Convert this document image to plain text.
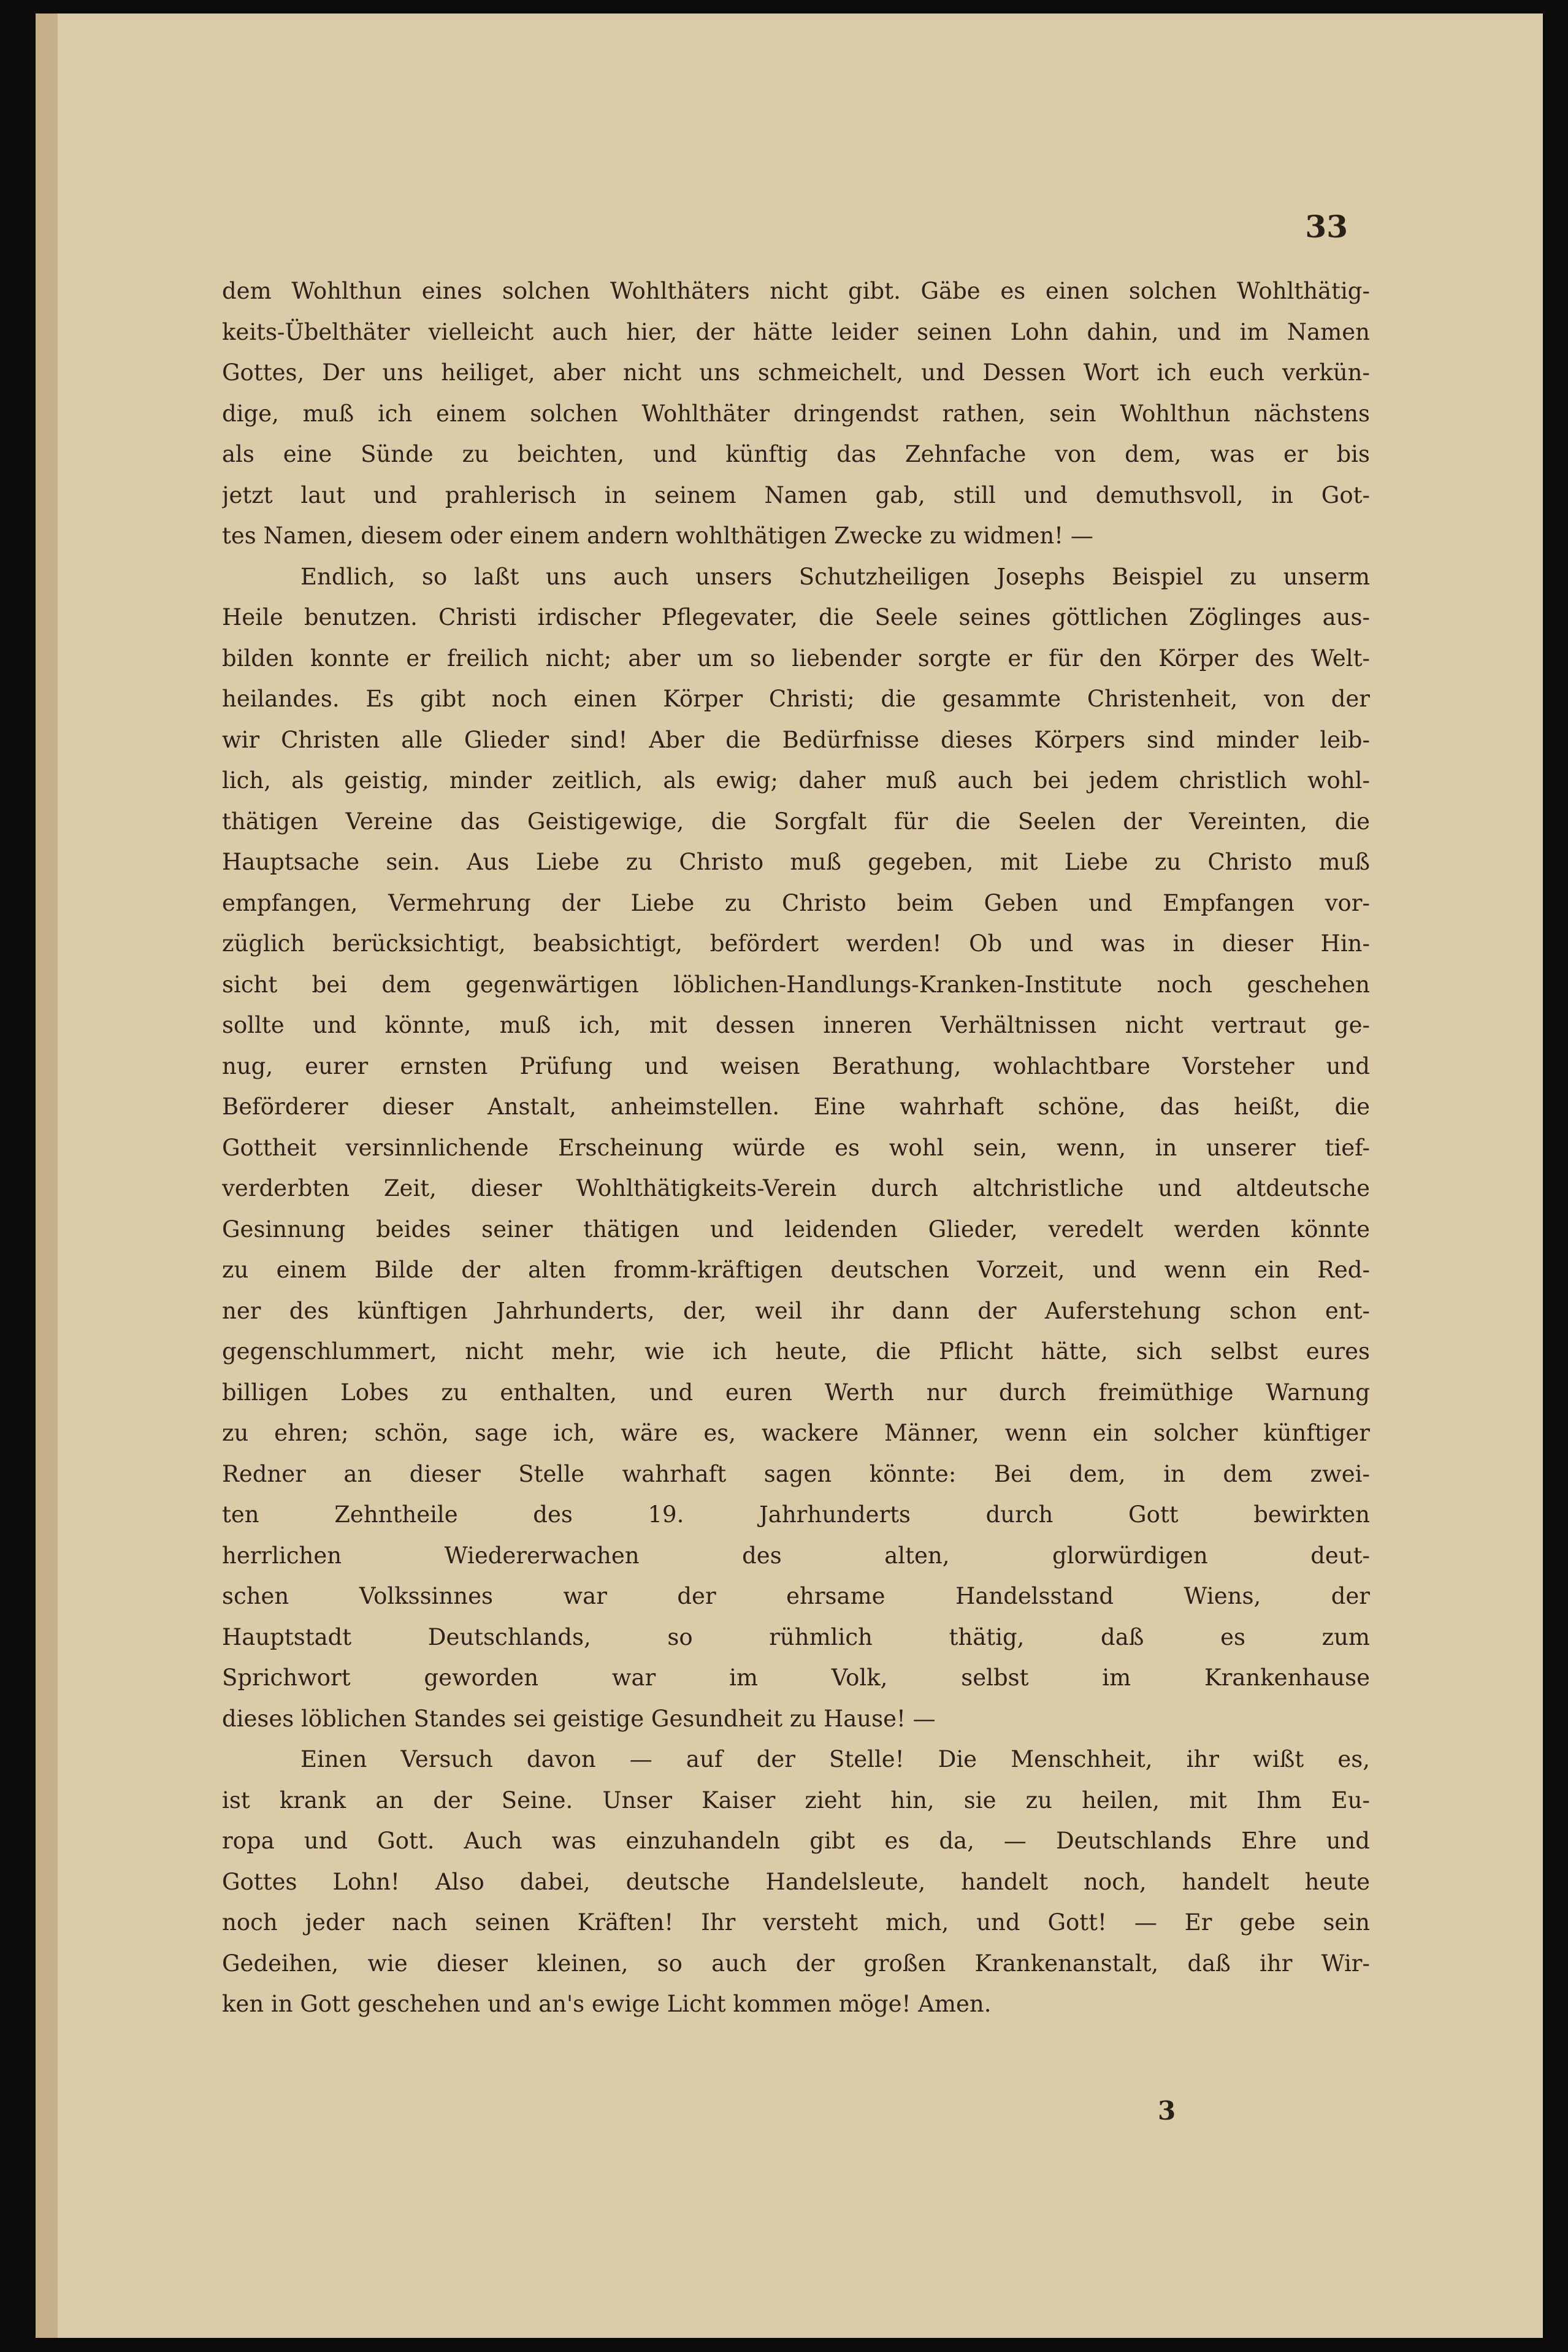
33
dem Wohlthun eines solchen Wohlthäters nicht gibt. Gäbe es einen solchen Wohlthätig-
keits-Übelthäter vielleicht auch hier, der hätte leider seinen Lohn dahin, und im Namen
Gottes, Der uns heiliget, aber nicht uns schmeichelt, und Dessen Wort ich euch verkün-
dige, muß ich einem solchen Wohlthäter dringendst rathen, sein Wohlthun nächstens
als eine Sünde zu beichten, und künftig das Zehnfache von dem, was er bis
jetzt laut und prahlerisch in seinem Namen gab, still und demuthsvoll, in Got-
tes Namen, diesem oder einem andern wohlthätigen Zwecke zu widmen! —
Endlich, so laßt uns auch unsers Schutzheiligen Josephs Beispiel zu unserm
Heile benutzen. Christi irdischer Pflegevater, die Seele seines göttlichen Zöglinges aus-
bilden konnte er freilich nicht; aber um so liebender sorgte er für den Körper des Welt-
heilandes. Es gibt noch einen Körper Christi; die gesammte Christenheit, von der
wir Christen alle Glieder sind! Aber die Bedürfnisse dieses Körpers sind minder leib-
lich, als geistig, minder zeitlich, als ewig; daher muß auch bei jedem christlich wohl-
thätigen Vereine das Geistigewige, die Sorgfalt für die Seelen der Vereinten, die
Hauptsache sein. Aus Liebe zu Christo muß gegeben, mit Liebe zu Christo muß
empfangen, Vermehrung der Liebe zu Christo beim Geben und Empfangen vor-
züglich berücksichtigt, beabsichtigt, befördert werden! Ob und was in dieser Hin-
sicht bei dem gegenwärtigen löblichen-Handlungs-Kranken-Institute noch geschehen
sollte und könnte, muß ich, mit dessen inneren Verhältnissen nicht vertraut ge-
nug, eurer ernsten Prüfung und weisen Berathung, wohlachtbare Vorsteher und
Beförderer dieser Anstalt, anheimstellen. Eine wahrhaft schöne, das heißt, die
Gottheit versinnlichende Erscheinung würde es wohl sein, wenn, in unserer tief-
verderbten Zeit, dieser Wohlthätigkeits-Verein durch altchristliche und altdeutsche
Gesinnung beides seiner thätigen und leidenden Glieder, veredelt werden könnte
zu einem Bilde der alten fromm-kräftigen deutschen Vorzeit, und wenn ein Red-
ner des künftigen Jahrhunderts, der, weil ihr dann der Auferstehung schon ent-
gegenschlummert, nicht mehr, wie ich heute, die Pflicht hätte, sich selbst eures
billigen Lobes zu enthalten, und euren Werth nur durch freimüthige Warnung
zu ehren; schön, sage ich, wäre es, wackere Männer, wenn ein solcher künftiger
Redner an dieser Stelle wahrhaft sagen könnte: Bei dem, in dem zwei-
ten Zehntheile des 19. Jahrhunderts durch Gott bewirkten
herrlichen Wiedererwachen des alten, glorwürdigen deut-
schen Volkssinnes war der ehrsame Handelsstand Wiens, der
Hauptstadt Deutschlands, so rühmlich thätig, daß es zum
Sprichwort geworden war im Volk, selbst im Krankenhause
dieses löblichen Standes sei geistige Gesundheit zu Hause! —
Einen Versuch davon — auf der Stelle! Die Menschheit, ihr wißt es,
ist krank an der Seine. Unser Kaiser zieht hin, sie zu heilen, mit Ihm Eu-
ropa und Gott. Auch was einzuhandeln gibt es da, — Deutschlands Ehre und
Gottes Lohn! Also dabei, deutsche Handelsleute, handelt noch, handelt heute
noch jeder nach seinen Kräften! Ihr versteht mich, und Gott! — Er gebe sein
Gedeihen, wie dieser kleinen, so auch der großen Krankenanstalt, daß ihr Wir-
ken in Gott geschehen und an's ewige Licht kommen möge! Amen.
3
